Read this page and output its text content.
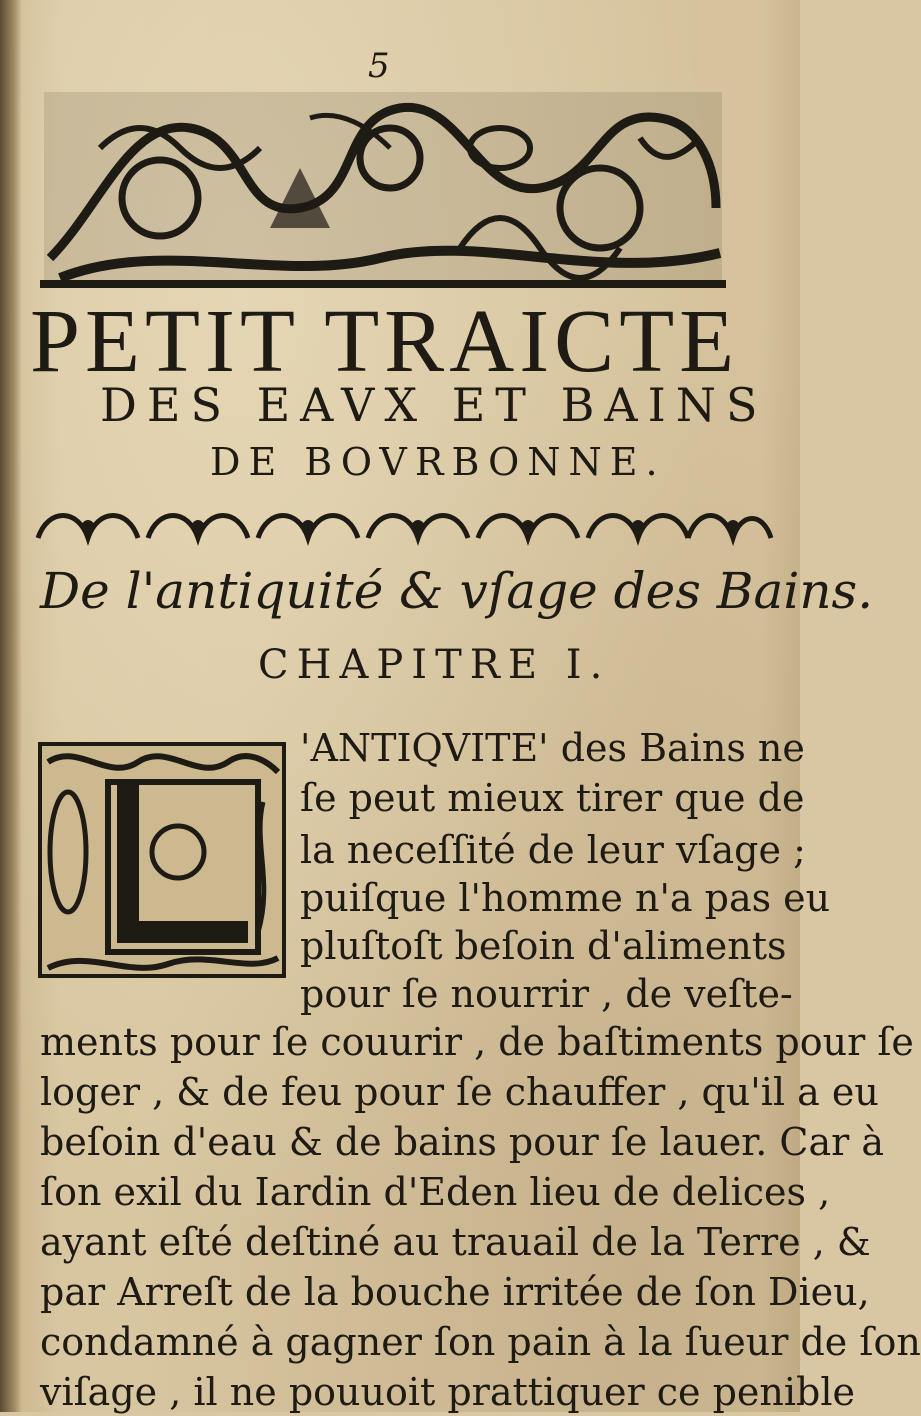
5
PETIT TRAICTE
DES EAVX ET BAINS
DE BOVRBONNE.
De l'antiquité & vſage des Bains.
CHAPITRE I.
'ANTIQVITE' des Bains ne
ſe peut mieux tirer que de
la neceſſité de leur vſage ;
puiſque l'homme n'a pas eu
pluſtoſt beſoin d'aliments
pour ſe nourrir , de veſte-
ments pour ſe couurir , de baſtiments pour ſe
loger , & de feu pour ſe chauffer , qu'il a eu
beſoin d'eau & de bains pour ſe lauer. Car à
ſon exil du Iardin d'Eden lieu de delices ,
ayant eſté deſtiné au trauail de la Terre , &
par Arreſt de la bouche irritée de ſon Dieu,
condamné à gagner ſon pain à la ſueur de ſon
viſage , il ne pouuoit prattiquer ce penible
